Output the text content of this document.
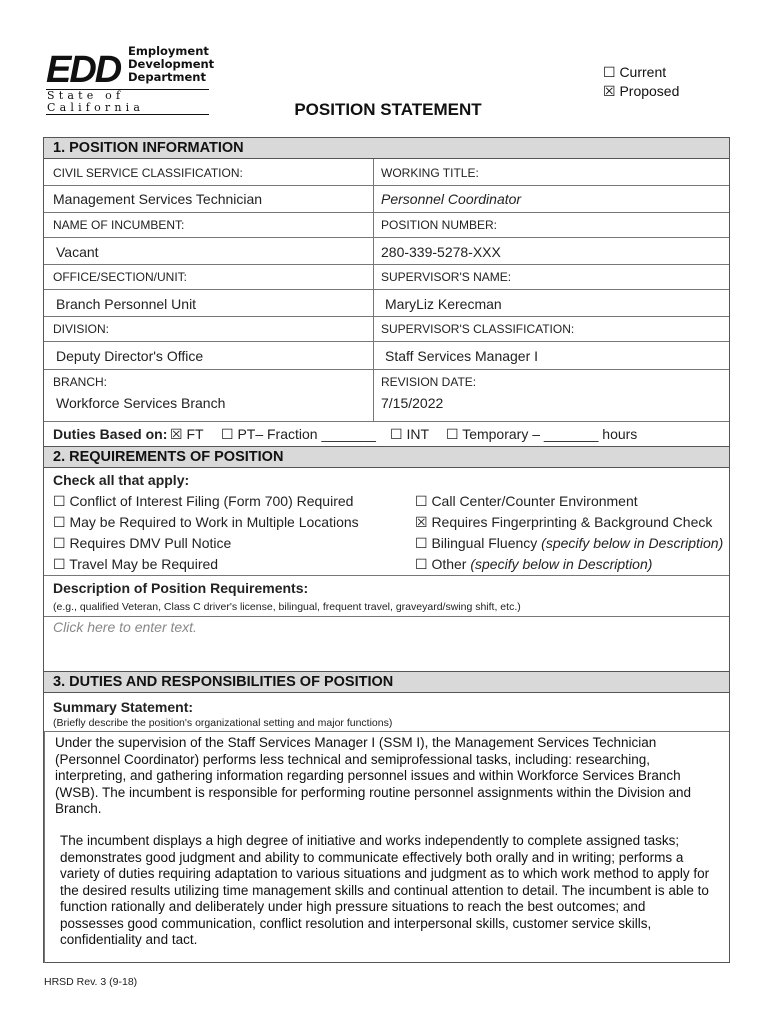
EDD Employment
Development
Department
State of California
☐ Current
☒ Proposed
POSITION STATEMENT
1. POSITION INFORMATION
CIVIL SERVICE CLASSIFICATION:
Management Services Technician
WORKING TITLE:
Personnel Coordinator
NAME OF INCUMBENT:
Vacant
POSITION NUMBER:
280-339-5278-XXX
OFFICE/SECTION/UNIT:
Branch Personnel Unit
SUPERVISOR'S NAME:
MaryLiz Kerecman
DIVISION:
Deputy Director's Office
SUPERVISOR'S CLASSIFICATION:
Staff Services Manager I
BRANCH:
Workforce Services Branch
REVISION DATE:
7/15/2022
Duties Based on: ☒ FT ☐ PT– Fraction _______ ☐ INT ☐ Temporary – _______ hours
2. REQUIREMENTS OF POSITION
Check all that apply:
☐ Conflict of Interest Filing (Form 700) Required
☐ May be Required to Work in Multiple Locations
☐ Requires DMV Pull Notice
☐ Travel May be Required
☐ Call Center/Counter Environment
☒ Requires Fingerprinting & Background Check
☐ Bilingual Fluency (specify below in Description)
☐ Other (specify below in Description)
Description of Position Requirements:
(e.g., qualified Veteran, Class C driver's license, bilingual, frequent travel, graveyard/swing shift, etc.)
Click here to enter text.
3. DUTIES AND RESPONSIBILITIES OF POSITION
Summary Statement:
(Briefly describe the position's organizational setting and major functions)
Under the supervision of the Staff Services Manager I (SSM I), the Management Services Technician
(Personnel Coordinator) performs less technical and semiprofessional tasks, including: researching,
interpreting, and gathering information regarding personnel issues and within Workforce Services Branch
(WSB). The incumbent is responsible for performing routine personnel assignments within the Division and
Branch.
The incumbent displays a high degree of initiative and works independently to complete assigned tasks;
demonstrates good judgment and ability to communicate effectively both orally and in writing; performs a
variety of duties requiring adaptation to various situations and judgment as to which work method to apply for
the desired results utilizing time management skills and continual attention to detail. The incumbent is able to
function rationally and deliberately under high pressure situations to reach the best outcomes; and
possesses good communication, conflict resolution and interpersonal skills, customer service skills,
confidentiality and tact.
HRSD Rev. 3 (9-18)
